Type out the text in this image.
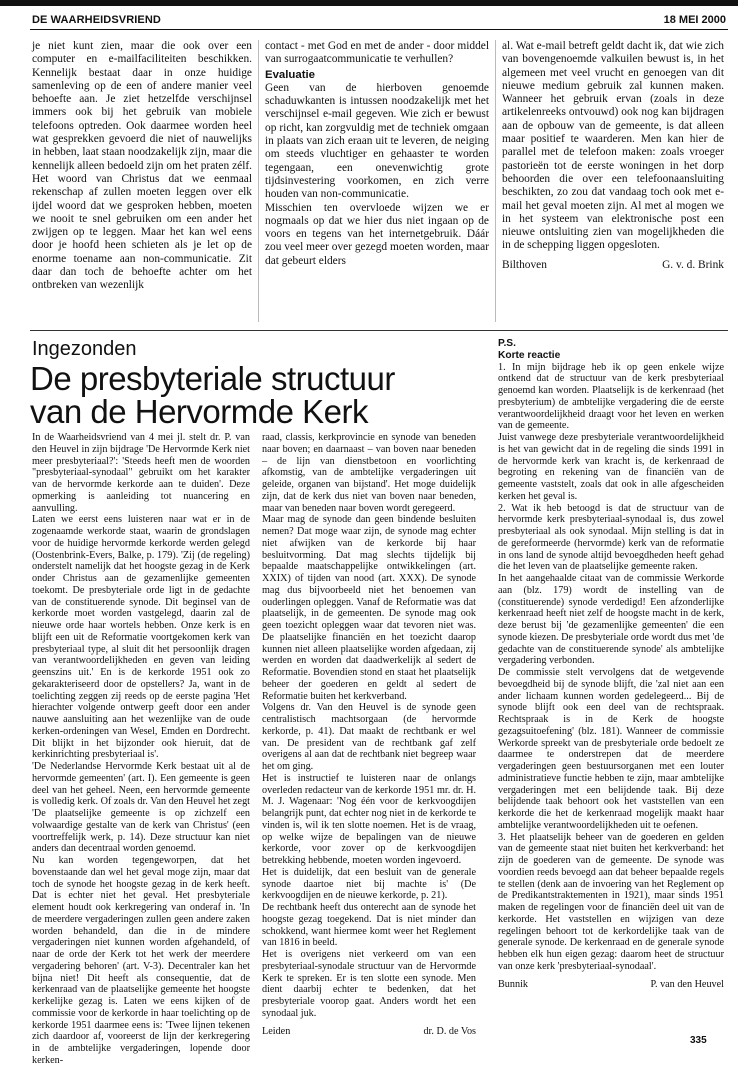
DE WAARHEIDSVRIEND	18 MEI 2000

je niet kunt zien, maar die ook over een computer en e-mailfaciliteiten beschikken. Kennelijk bestaat daar in onze huidige samenleving op de een of andere manier veel behoefte aan. Je ziet hetzelfde verschijnsel immers ook bij het gebruik van mobiele telefoons optreden. Ook daarmee worden heel wat gesprekken gevoerd die niet of nauwelijks in hebben, laat staan noodzakelijk zijn, maar die kennelijk alleen bedoeld zijn om het praten zélf. Het woord van Christus dat we eenmaal rekenschap af zullen moeten leggen over elk ijdel woord dat we gesproken hebben, moeten we nooit te snel gebruiken om een ander het zwijgen op te leggen. Maar het kan wel eens door je hoofd heen schieten als je let op de enorme toename aan non-communicatie. Zit daar dan toch de behoefte achter om het ontbreken van wezenlijk

contact - met God en met de ander - door middel van surrogaatcommunicatie te verhullen?

Evaluatie

Geen van de hierboven genoemde schaduwkanten is intussen noodzakelijk met het verschijnsel e-mail gegeven. Wie zich er bewust op richt, kan zorgvuldig met de techniek omgaan in plaats van zich eraan uit te leveren, de neiging om steeds vluchtiger en gehaaster te worden tegengaan, een onevenwichtig grote tijdsinvestering voorkomen, en zich verre houden van non-communicatie.

Misschien ten overvloede wijzen we er nogmaals op dat we hier dus niet ingaan op de voors en tegens van het internetgebruik. Dáár zou veel meer over gezegd moeten worden, maar dat gebeurt elders

al. Wat e-mail betreft geldt dacht ik, dat wie zich van bovengenoemde valkuilen bewust is, in het algemeen met veel vrucht en genoegen van dit nieuwe medium gebruik zal kunnen maken. Wanneer het gebruik ervan (zoals in deze artikelenreeks ontvouwd) ook nog kan bijdragen aan de opbouw van de gemeente, is dat alleen maar positief te waarderen. Men kan hier de parallel met de telefoon maken: zoals vroeger pastorieën tot de eerste woningen in het dorp behoorden die over een telefoonaansluiting beschikten, zo zou dat vandaag toch ook met e-mail het geval moeten zijn. Al met al mogen we in het systeem van elektronische post een nieuwe ontsluiting zien van mogelijkheden die in de schepping liggen opgesloten.

Bilthoven	G. v. d. Brink
Ingezonden
De presbyteriale structuur
van de Hervormde Kerk

In de Waarheidsvriend van 4 mei jl. stelt dr. P. van den Heuvel in zijn bijdrage 'De Hervormde Kerk niet meer presbyteriaal?': 'Steeds heeft men de woorden "presbyteriaal-synodaal" gebruikt om het karakter van de hervormde kerkorde aan te duiden'. Deze opmerking is aanleiding tot nuancering en aanvulling.

Laten we eerst eens luisteren naar wat er in de zogenaamde werkorde staat, waarin de grondslagen voor de huidige hervormde kerkorde werden gelegd (Oostenbrink-Evers, Balke, p. 179). 'Zij (de regeling) onderstelt namelijk dat het hoogste gezag in de Kerk onder Christus aan de gezamenlijke gemeenten toekomt. De presbyteriale orde ligt in de gedachte van de constituerende synode. Dit beginsel van de kerkorde moet worden vastgelegd, daarin zal de nieuwe orde haar wortels hebben. Onze kerk is en blijft een uit de Reformatie voortgekomen kerk van presbyteriaal type, al sluit dit het persoonlijk dragen van verantwoordelijkheden en geven van leiding geenszins uit.' En is de kerkorde 1951 ook zo gekarakteriseerd door de opstellers? Ja, want in de toelichting zeggen zij reeds op de eerste pagina 'Het hierachter volgende ontwerp geeft door een ander nauwe aansluiting aan het wezenlijke van de oude kerken-ordeningen van Wesel, Emden en Dordrecht. Dit blijkt in het bijzonder ook hieruit, dat de kerkinrichting presbyteriaal is'.

'De Nederlandse Hervormde Kerk bestaat uit al de hervormde gemeenten' (art. I). Een gemeente is geen deel van het geheel. Neen, een hervormde gemeente is volledig kerk. Of zoals dr. Van den Heuvel het zegt 'De plaatselijke gemeente is op zichzelf een volwaardige gestalte van de kerk van Christus' (een voortreffelijk werk, p. 14). Deze structuur kan niet anders dan decentraal worden genoemd.

Nu kan worden tegengeworpen, dat het bovenstaande dan wel het geval moge zijn, maar dat toch de synode het hoogste gezag in de kerk heeft. Dat is echter niet het geval. Het presbyteriale element houdt ook kerkregering van onderaf in. 'In de meerdere vergaderingen zullen geen andere zaken worden behandeld, dan die in de mindere vergaderingen niet kunnen worden afgehandeld, of naar de orde der Kerk tot het werk der meerdere vergadering behoren' (art. V-3). Decentraler kan het bijna niet! Dit heeft als consequentie, dat de kerkenraad van de plaatselijke gemeente het hoogste kerkelijke gezag is. Laten we eens kijken of de commissie voor de kerkorde in haar toelichting op de kerkorde 1951 daarmee eens is: 'Twee lijnen tekenen zich daardoor af, vooreerst de lijn der kerkregering in de ambtelijke vergaderingen, lopende door kerken-

raad, classis, kerkprovincie en synode van beneden naar boven; en daarnaast – van boven naar beneden – de lijn van dienstbetoon en voorlichting afkomstig, van de ambtelijke vergaderingen uit geleide, organen van bijstand'. Het moge duidelijk zijn, dat de kerk dus niet van boven naar beneden, maar van beneden naar boven wordt geregeerd.

Maar mag de synode dan geen bindende besluiten nemen? Dat moge waar zijn, de synode mag echter niet afwijken van de kerkorde bij haar besluitvorming. Dat mag slechts tijdelijk bij bepaalde maatschappelijke ontwikkelingen (art. XXIX) of tijden van nood (art. XXX). De synode mag dus bijvoorbeeld niet het benoemen van ouderlingen opleggen. Vanaf de Reformatie was dat plaatselijk, in de gemeenten. De synode mag ook geen toezicht opleggen waar dat tevoren niet was. De plaatselijke financiën en het toezicht daarop kunnen niet alleen plaatselijke worden afgedaan, zij werden en worden dat daadwerkelijk al sedert de Reformatie. Bovendien stond en staat het plaatselijk beheer der goederen en geldt al sedert de Reformatie buiten het kerkverband.

Volgens dr. Van den Heuvel is de synode geen centralistisch machtsorgaan (de hervormde kerkorde, p. 41). Dat maakt de rechtbank er wel van. De president van de rechtbank gaf zelf overigens al aan dat de rechtbank niet begreep waar het om ging.

Het is instructief te luisteren naar de onlangs overleden redacteur van de kerkorde 1951 mr. dr. H. M. J. Wagenaar: 'Nog één voor de kerkvoogdijen belangrijk punt, dat echter nog niet in de kerkorde te vinden is, wil ik ten slotte noemen. Het is de vraag, op welke wijze de bepalingen van de nieuwe kerkorde, voor zover op de kerkvoogdijen betrekking hebbende, moeten worden ingevoerd.

Het is duidelijk, dat een besluit van de generale synode daartoe niet bij machte is' (De kerkvoogdijen en de nieuwe kerkorde, p. 21).

De rechtbank heeft dus onterecht aan de synode het hoogste gezag toegekend. Dat is niet minder dan schokkend, want hiermee komt weer het Reglement van 1816 in beeld.

Het is overigens niet verkeerd om van een presbyteriaal-synodale structuur van de Hervormde Kerk te spreken. Er is ten slotte een synode. Men dient daarbij echter te bedenken, dat het presbyteriale voorop gaat. Anders wordt het een synodaal juk.

Leiden	dr. D. de Vos
P.S.
Korte reactie

1. In mijn bijdrage heb ik op geen enkele wijze ontkend dat de structuur van de kerk presbyteriaal genoemd kan worden. Plaatselijk is de kerkenraad (het presbyterium) de ambtelijke vergadering die de eerste verantwoordelijkheid draagt voor het leven en werken van de gemeente.

Juist vanwege deze presbyteriale verantwoordelijkheid is het van gewicht dat in de regeling die sinds 1991 in de hervormde kerk van kracht is, de kerkenraad de begroting en rekening van de financiën van de gemeente vaststelt, zoals dat ook in alle afgescheiden kerken het geval is.

2. Wat ik heb betoogd is dat de structuur van de hervormde kerk presbyteriaal-synodaal is, dus zowel presbyteriaal als ook synodaal. Mijn stelling is dat in de gereformeerde (hervormde) kerk van de reformatie in ons land de synode altijd bevoegdheden heeft gehad die het leven van de plaatselijke gemeente raken.

In het aangehaalde citaat van de commissie Werkorde aan (blz. 179) wordt de instelling van de (constituerende) synode verdedigd! Een afzonderlijke kerkenraad heeft niet zelf de hoogste macht in de kerk, deze berust bij 'de gezamenlijke gemeenten' die een synode kiezen. De presbyteriale orde wordt dus met 'de gedachte van de constituerende synode' als ambtelijke vergadering verbonden.

De commissie stelt vervolgens dat de wetgevende bevoegdheid bij de synode blijft, die 'zal niet aan een ander lichaam kunnen worden gedelegeerd... Bij de synode blijft ook een deel van de rechtspraak. Rechtspraak is in de Kerk de hoogste gezagsuitoefening' (blz. 181). Wanneer de commissie Werkorde spreekt van de presbyteriale orde bedoelt ze daarmee te onderstrepen dat de meerdere vergaderingen geen bestuursorganen met een louter administratieve functie hebben te zijn, maar ambtelijke vergaderingen met een belijdende taak. Bij deze belijdende taak behoort ook het vaststellen van een kerkorde die het de kerkenraad mogelijk maakt haar ambtelijke verantwoordelijkheden uit te oefenen.

3. Het plaatselijk beheer van de goederen en gelden van de gemeente staat niet buiten het kerkverband: het zijn de goederen van de gemeente. De synode was voordien reeds bevoegd aan dat beheer bepaalde regels te stellen (denk aan de invoering van het Reglement op de Predikantstraktementen in 1921), maar sinds 1951 maken de regelingen voor de financiën deel uit van de kerkorde. Het vaststellen en wijzigen van deze regelingen behoort tot de kerkordelijke taak van de generale synode. De kerkenraad en de generale synode hebben elk hun eigen gezag: daarom heet de structuur van onze kerk 'presbyteriaal-synodaal'.

Bunnik	P. van den Heuvel
335
